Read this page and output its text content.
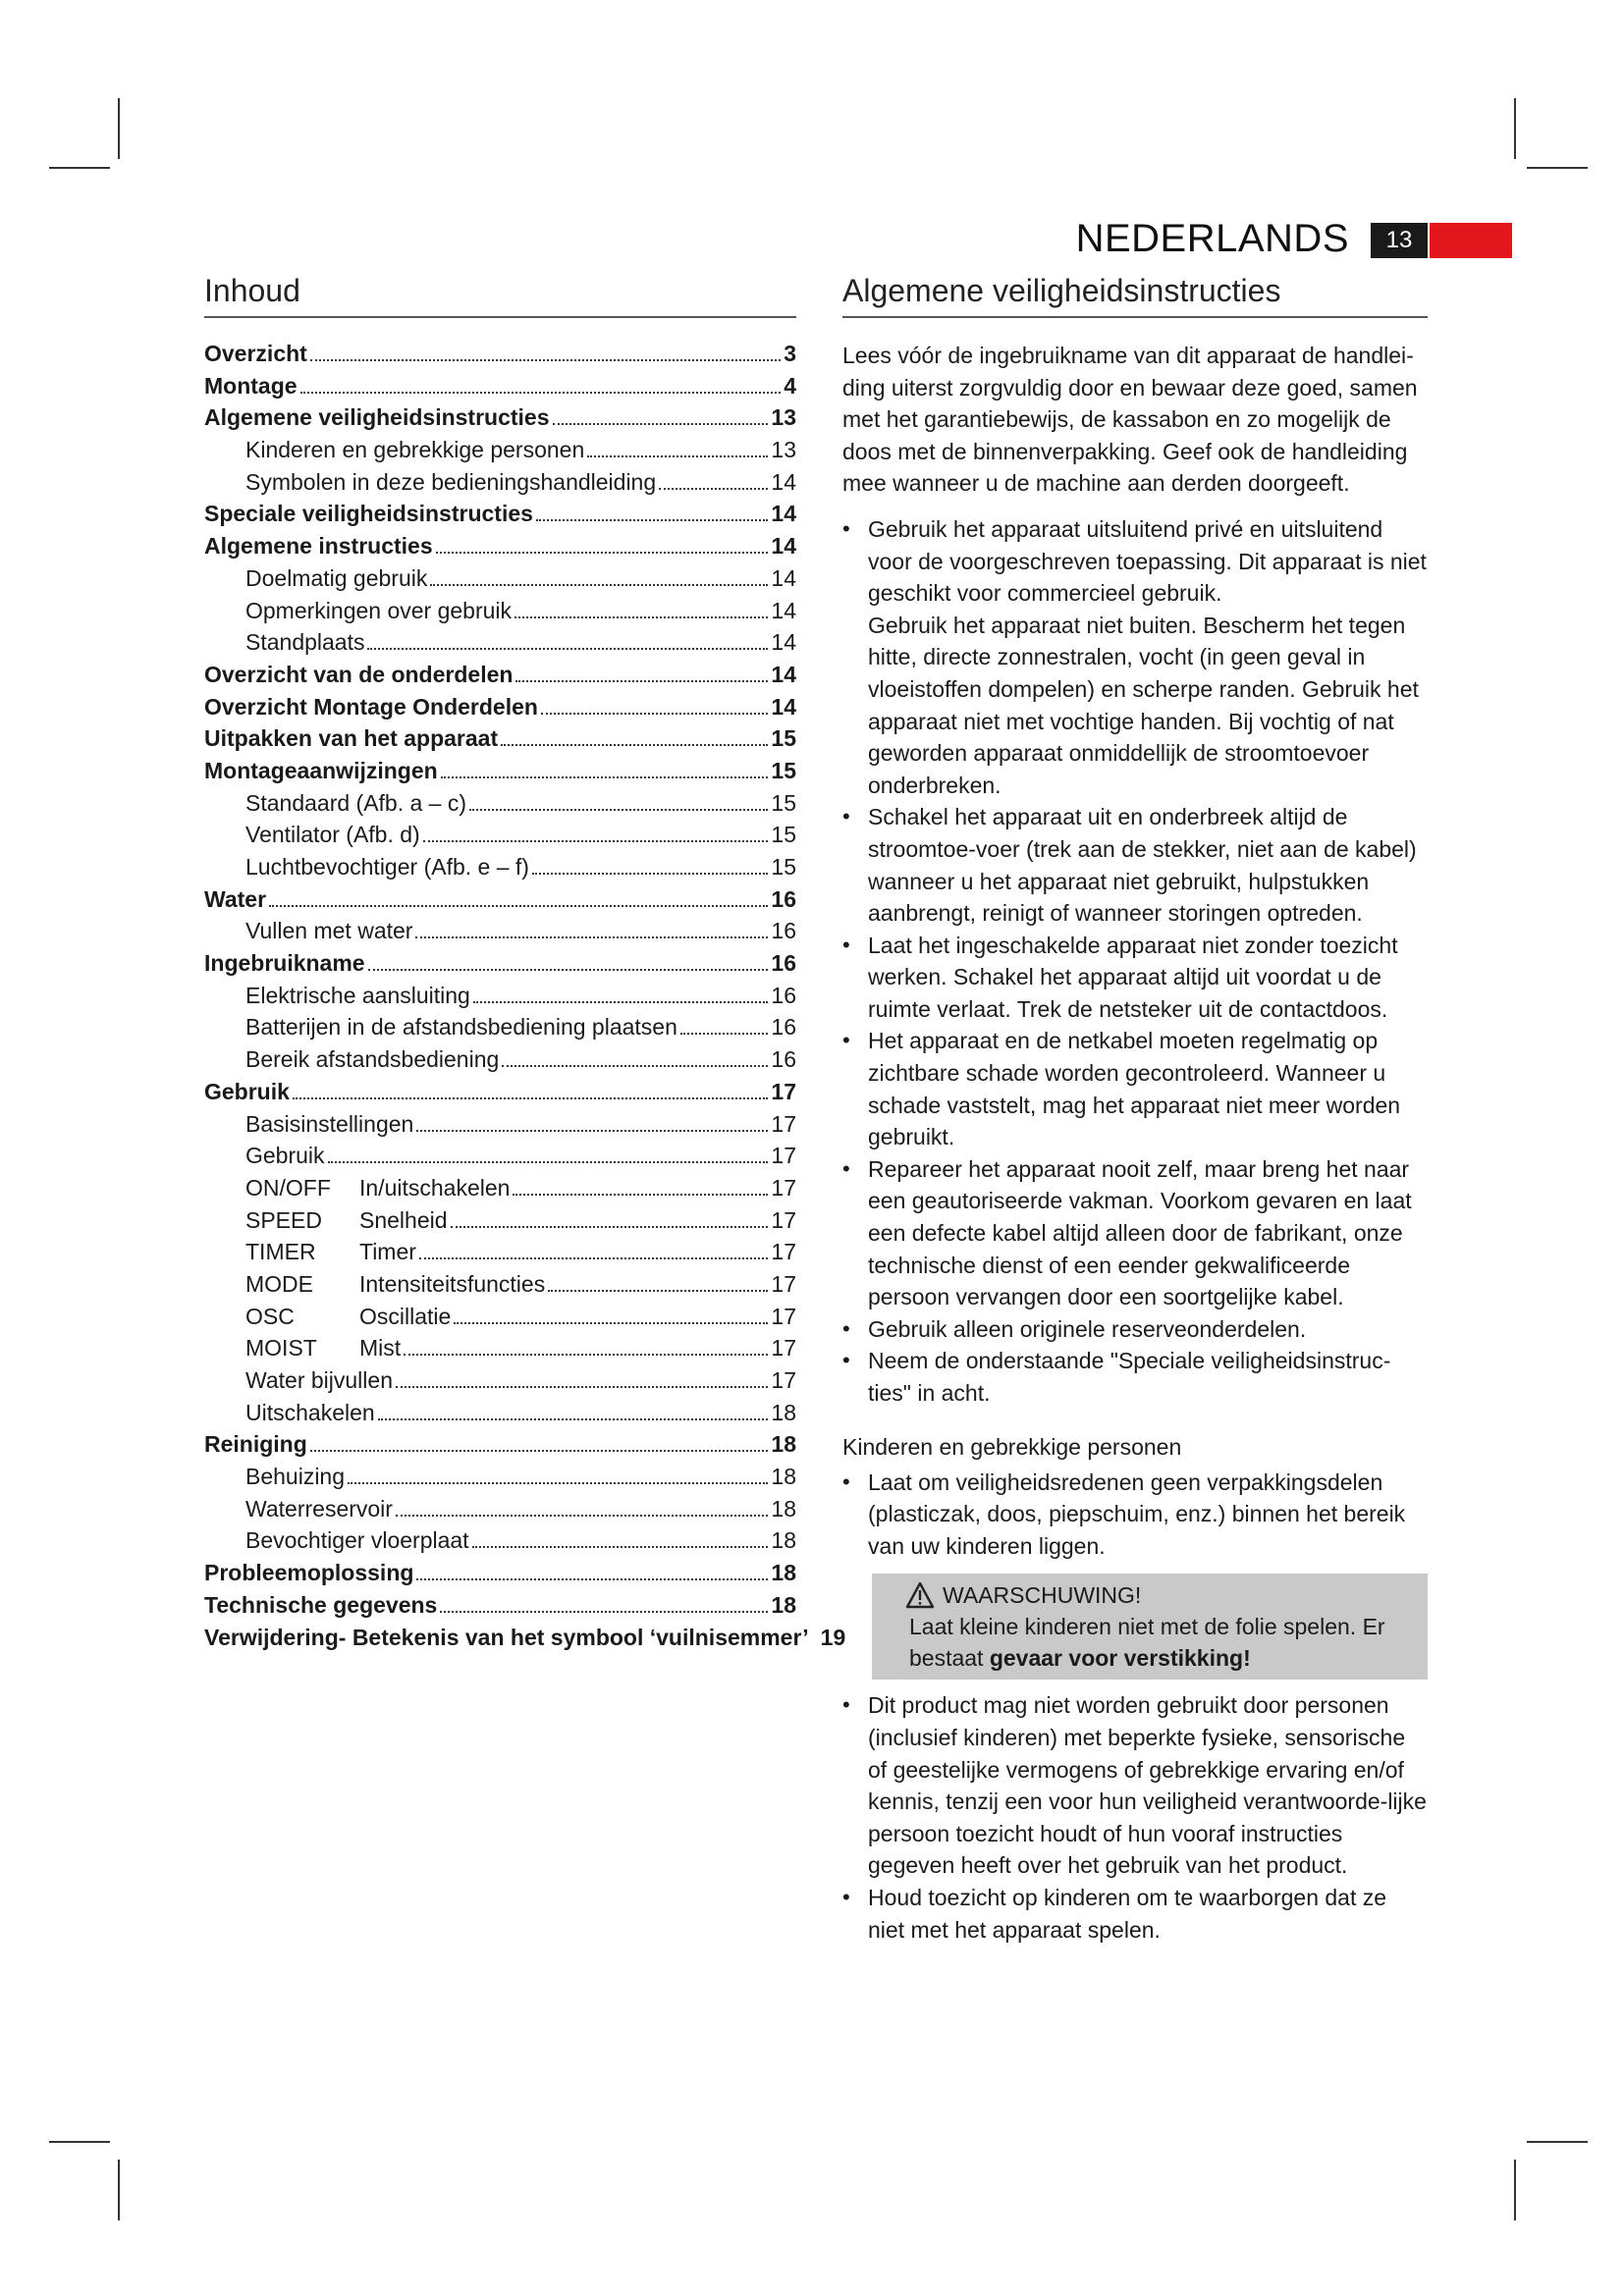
NEDERLANDS	13
Inhoud
Overzicht	3
Montage	4
Algemene veiligheidsinstructies	13
Kinderen en gebrekkige personen	13
Symbolen in deze bedieningshandleiding	14
Speciale veiligheidsinstructies	14
Algemene instructies	14
Doelmatig gebruik	14
Opmerkingen over gebruik	14
Standplaats	14
Overzicht van de onderdelen	14
Overzicht Montage Onderdelen	14
Uitpakken van het apparaat	15
Montageaanwijzingen	15
Standaard (Afb. a – c)	15
Ventilator (Afb. d)	15
Luchtbevochtiger (Afb. e – f)	15
Water	16
Vullen met water	16
Ingebruikname	16
Elektrische aansluiting	16
Batterijen in de afstandsbediening plaatsen	16
Bereik afstandsbediening	16
Gebruik	17
Basisinstellingen	17
Gebruik	17
ON/OFF	In/uitschakelen	17
SPEED	Snelheid	17
TIMER	Timer	17
MODE	Intensiteitsfuncties	17
OSC	Oscillatie	17
MOIST	Mist	17
Water bijvullen	17
Uitschakelen	18
Reiniging	18
Behuizing	18
Waterreservoir	18
Bevochtiger vloerplaat	18
Probleemoplossing	18
Technische gegevens	18
Verwijdering- Betekenis van het symbool ‘vuilnisemmer’ 19
Algemene veiligheidsinstructies

Lees vóór de ingebruikname van dit apparaat de handlei-ding uiterst zorgvuldig door en bewaar deze goed, samen met het garantiebewijs, de kassabon en zo mogelijk de doos met de binnenverpakking. Geef ook de handleiding mee wanneer u de machine aan derden doorgeeft.

• Gebruik het apparaat uitsluitend privé en uitsluitend voor de voorgeschreven toepassing. Dit apparaat is niet geschikt voor commercieel gebruik.
Gebruik het apparaat niet buiten. Bescherm het tegen hitte, directe zonnestralen, vocht (in geen geval in vloeistoffen dompelen) en scherpe randen. Gebruik het apparaat niet met vochtige handen. Bij vochtig of nat geworden apparaat onmiddellijk de stroomtoevoer onderbreken.
• Schakel het apparaat uit en onderbreek altijd de stroomtoe-voer (trek aan de stekker, niet aan de kabel) wanneer u het apparaat niet gebruikt, hulpstukken aanbrengt, reinigt of wanneer storingen optreden.
• Laat het ingeschakelde apparaat niet zonder toezicht werken. Schakel het apparaat altijd uit voordat u de ruimte verlaat. Trek de netsteker uit de contactdoos.
• Het apparaat en de netkabel moeten regelmatig op zichtbare schade worden gecontroleerd. Wanneer u schade vaststelt, mag het apparaat niet meer worden gebruikt.
• Repareer het apparaat nooit zelf, maar breng het naar een geautoriseerde vakman. Voorkom gevaren en laat een defecte kabel altijd alleen door de fabrikant, onze technische dienst of een eender gekwalificeerde persoon vervangen door een soortgelijke kabel.
• Gebruik alleen originele reserveonderdelen.
• Neem de onderstaande "Speciale veiligheidsinstruc-ties" in acht.
Kinderen en gebrekkige personen
• Laat om veiligheidsredenen geen verpakkingsdelen (plasticzak, doos, piepschuim, enz.) binnen het bereik van uw kinderen liggen.
WAARSCHUWING!

Laat kleine kinderen niet met de folie spelen. Er bestaat gevaar voor verstikking!

• Dit product mag niet worden gebruikt door personen (inclusief kinderen) met beperkte fysieke, sensorische of geestelijke vermogens of gebrekkige ervaring en/of kennis, tenzij een voor hun veiligheid verantwoorde-lijke persoon toezicht houdt of hun vooraf instructies gegeven heeft over het gebruik van het product.
• Houd toezicht op kinderen om te waarborgen dat ze niet met het apparaat spelen.
